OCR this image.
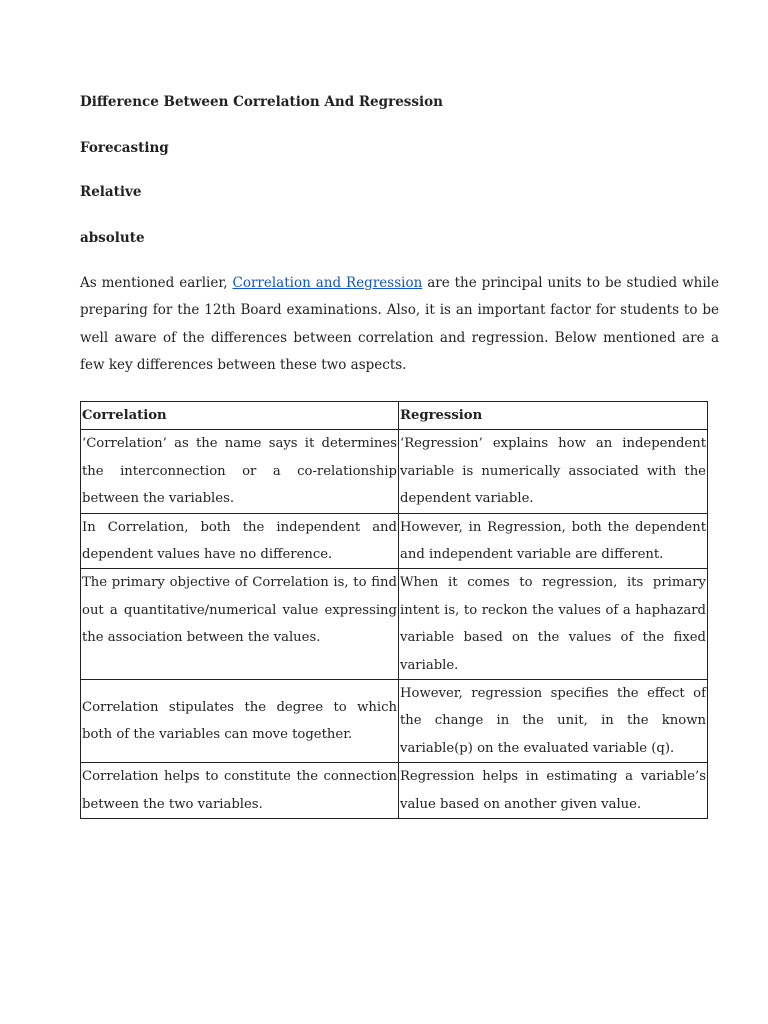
Difference Between Correlation And Regression
Forecasting
Relative
absolute

As mentioned earlier, Correlation and Regression are the principal units to be studied while preparing for the 12th Board examinations. Also, it is an important factor for students to be well aware of the differences between correlation and regression. Below mentioned are a few key differences between these two aspects.

Correlation	Regression
‘Correlation’ as the name says it determines the interconnection or a co-relationship between the variables.	‘Regression’ explains how an independent variable is numerically associated with the dependent variable.
In Correlation, both the independent and dependent values have no difference.	However, in Regression, both the dependent and independent variable are different.
The primary objective of Correlation is, to find out a quantitative/numerical value expressing the association between the values.	When it comes to regression, its primary intent is, to reckon the values of a haphazard variable based on the values of the fixed variable.
Correlation stipulates the degree to which both of the variables can move together.	However, regression specifies the effect of the change in the unit, in the known variable(p) on the evaluated variable (q).
Correlation helps to constitute the connection between the two variables.	Regression helps in estimating a variable’s value based on another given value.
